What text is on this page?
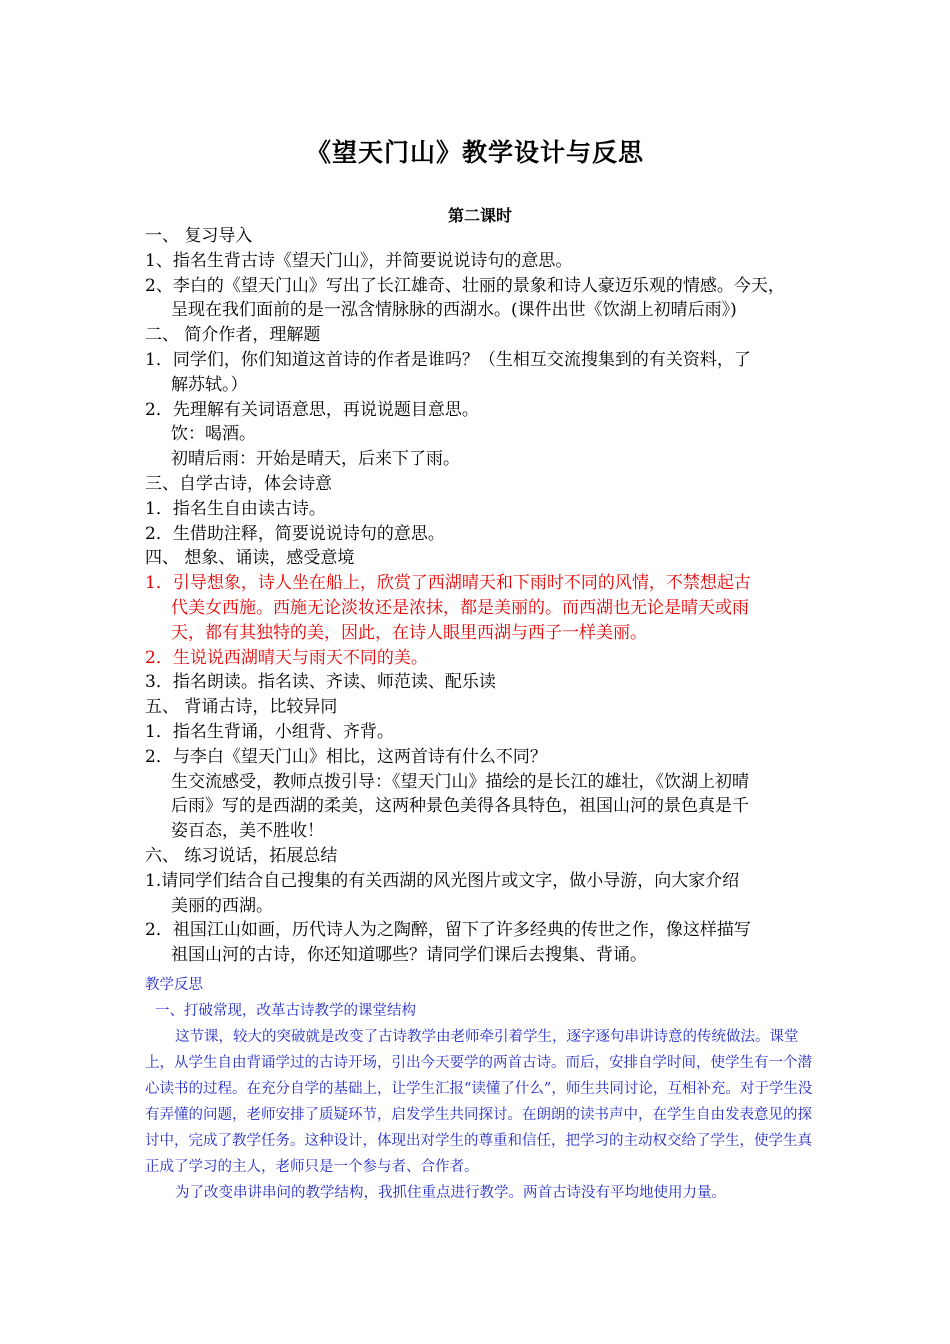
《望天门山》教学设计与反思
第二课时

一、 复习导入

1、指名生背古诗《望天门山》，并简要说说诗句的意思。

2、李白的《望天门山》写出了长江雄奇、壮丽的景象和诗人豪迈乐观的情感。今天，

呈现在我们面前的是一泓含情脉脉的西湖水。(课件出世《饮湖上初晴后雨》)

二、 简介作者，理解题

1．同学们，你们知道这首诗的作者是谁吗？（生相互交流搜集到的有关资料，了

解苏轼。）

2．先理解有关词语意思，再说说题目意思。

饮：喝酒。

初晴后雨：开始是晴天，后来下了雨。

三、自学古诗，体会诗意

1．指名生自由读古诗。

2．生借助注释，简要说说诗句的意思。

四、 想象、诵读，感受意境

1．引导想象，诗人坐在船上，欣赏了西湖晴天和下雨时不同的风情，不禁想起古

代美女西施。西施无论淡妆还是浓抹，都是美丽的。而西湖也无论是晴天或雨

天，都有其独特的美，因此，在诗人眼里西湖与西子一样美丽。

2．生说说西湖晴天与雨天不同的美。

3．指名朗读。指名读、齐读、师范读、配乐读

五、 背诵古诗，比较异同

1．指名生背诵，小组背、齐背。

2．与李白《望天门山》相比，这两首诗有什么不同？

生交流感受，教师点拨引导：《望天门山》描绘的是长江的雄壮，《饮湖上初晴

后雨》写的是西湖的柔美，这两种景色美得各具特色，祖国山河的景色真是千

姿百态，美不胜收！

六、 练习说话，拓展总结

1.请同学们结合自己搜集的有关西湖的风光图片或文字，做小导游，向大家介绍

美丽的西湖。

2．祖国江山如画，历代诗人为之陶醉，留下了许多经典的传世之作，像这样描写

祖国山河的古诗，你还知道哪些？请同学们课后去搜集、背诵。

教学反思

一、打破常现，改革古诗教学的课堂结构

这节课，较大的突破就是改变了古诗教学由老师牵引着学生，逐字逐句串讲诗意的传统做法。课堂上，从学生自由背诵学过的古诗开场，引出今天要学的两首古诗。而后，安排自学时间，使学生有一个潜心读书的过程。在充分自学的基础上，让学生汇报“读懂了什么”，师生共同讨论，互相补充。对于学生没有弄懂的问题，老师安排了质疑环节，启发学生共同探讨。在朗朗的读书声中，在学生自由发表意见的探讨中，完成了教学任务。这种设计，体现出对学生的尊重和信任，把学习的主动权交给了学生，使学生真正成了学习的主人，老师只是一个参与者、合作者。

为了改变串讲串问的教学结构，我抓住重点进行教学。两首古诗没有平均地使用力量。
